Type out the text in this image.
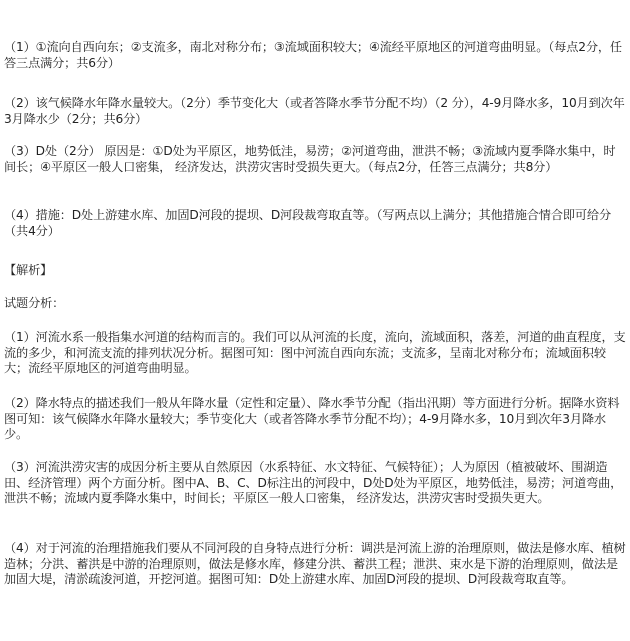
（1）①流向自西向东；②支流多，南北对称分布；③流域面积较大；④流经平原地区的河道弯曲明显。（每点2分，任答三点满分；共6分）

（2）该气候降水年降水量较大。（2分）季节变化大（或者答降水季节分配不均）（2 分），4-9月降水多，10月到次年3月降水少（2分；共6分）

（3）D处（2分） 原因是：①D处为平原区，地势低洼，易涝；②河道弯曲，泄洪不畅；③流域内夏季降水集中，时间长；④平原区一般人口密集， 经济发达，洪涝灾害时受损失更大。（每点2分，任答三点满分；共8分）

（4）措施：D处上游建水库、加固D河段的提坝、D河段裁弯取直等。（写两点以上满分；其他措施合情合即可给分（共4分）

【解析】

试题分析：

（1）河流水系一般指集水河道的结构而言的。我们可以从河流的长度，流向，流域面积，落差，河道的曲直程度，支流的多少，和河流支流的排列状况分析。据图可知：图中河流自西向东流；支流多，呈南北对称分布；流域面积较大；流经平原地区的河道弯曲明显。

（2）降水特点的描述我们一般从年降水量（定性和定量）、降水季节分配（指出汛期）等方面进行分析。据降水资料图可知：该气候降水年降水量较大；季节变化大（或者答降水季节分配不均）；4-9月降水多，10月到次年3月降水少。

（3）河流洪涝灾害的成因分析主要从自然原因（水系特征、水文特征、气候特征）；人为原因（植被破坏、围湖造田、经济管理）两个方面分析。图中A、B、C、D标注出的河段中，D处D处为平原区，地势低洼，易涝；河道弯曲，泄洪不畅；流域内夏季降水集中，时间长；平原区一般人口密集， 经济发达，洪涝灾害时受损失更大。

（4）对于河流的治理措施我们要从不同河段的自身特点进行分析：调洪是河流上游的治理原则，做法是修水库、植树造林；分洪、蓄洪是中游的治理原则，做法是修水库，修建分洪、蓄洪工程；泄洪、束水是下游的治理原则，做法是加固大堤，清淤疏浚河道，开挖河道。据图可知：D处上游建水库、加固D河段的提坝、D河段裁弯取直等。
